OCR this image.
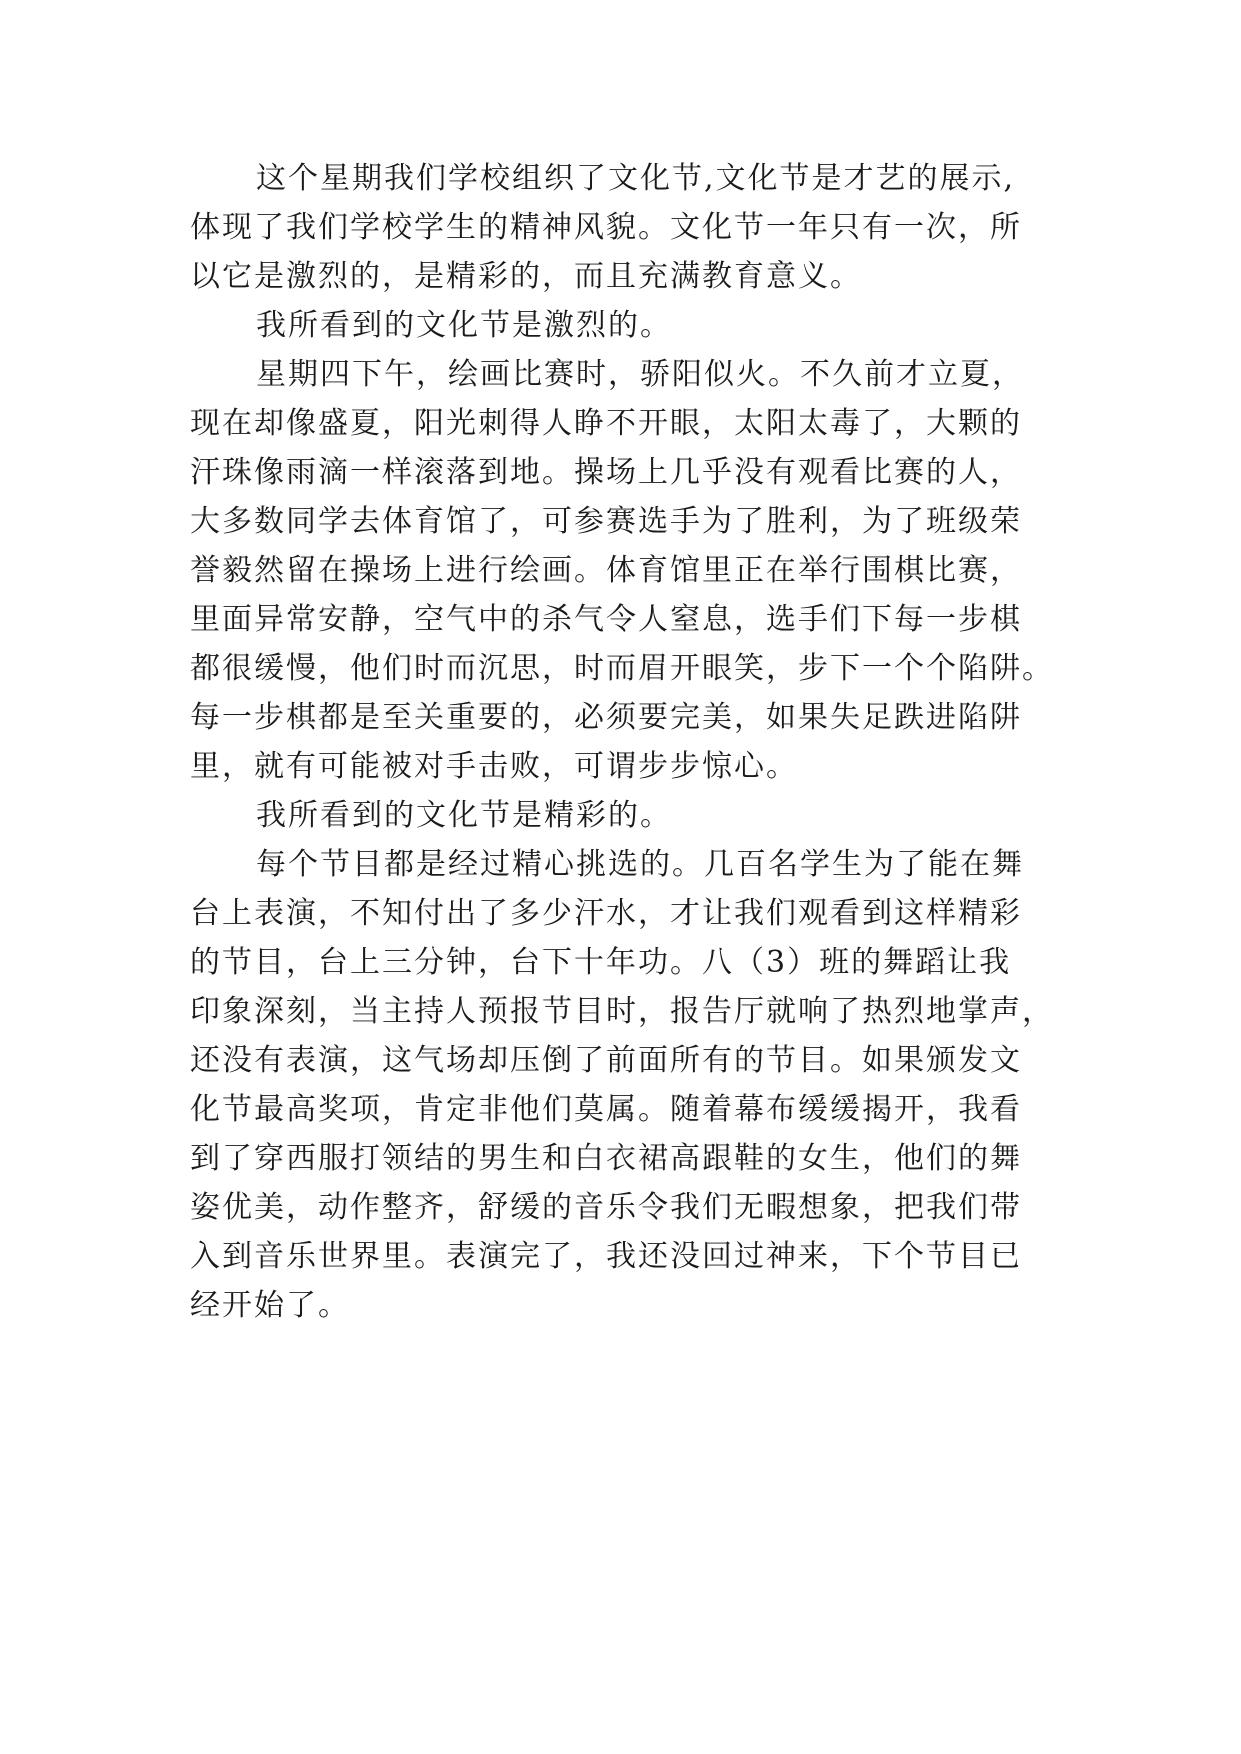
这个星期我们学校组织了文化节,文化节是才艺的展示,
体现了我们学校学生的精神风貌。文化节一年只有一次，所
以它是激烈的，是精彩的，而且充满教育意义。
我所看到的文化节是激烈的。
星期四下午，绘画比赛时，骄阳似火。不久前才立夏，
现在却像盛夏，阳光刺得人睁不开眼，太阳太毒了，大颗的
汗珠像雨滴一样滚落到地。操场上几乎没有观看比赛的人，
大多数同学去体育馆了，可参赛选手为了胜利，为了班级荣
誉毅然留在操场上进行绘画。体育馆里正在举行围棋比赛，
里面异常安静，空气中的杀气令人窒息，选手们下每一步棋
都很缓慢，他们时而沉思，时而眉开眼笑，步下一个个陷阱。
每一步棋都是至关重要的，必须要完美，如果失足跌进陷阱
里，就有可能被对手击败，可谓步步惊心。
我所看到的文化节是精彩的。
每个节目都是经过精心挑选的。几百名学生为了能在舞
台上表演，不知付出了多少汗水，才让我们观看到这样精彩
的节目，台上三分钟，台下十年功。八（3）班的舞蹈让我
印象深刻，当主持人预报节目时，报告厅就响了热烈地掌声，
还没有表演，这气场却压倒了前面所有的节目。如果颁发文
化节最高奖项，肯定非他们莫属。随着幕布缓缓揭开，我看
到了穿西服打领结的男生和白衣裙高跟鞋的女生，他们的舞
姿优美，动作整齐，舒缓的音乐令我们无暇想象，把我们带
入到音乐世界里。表演完了，我还没回过神来，下个节目已
经开始了。
